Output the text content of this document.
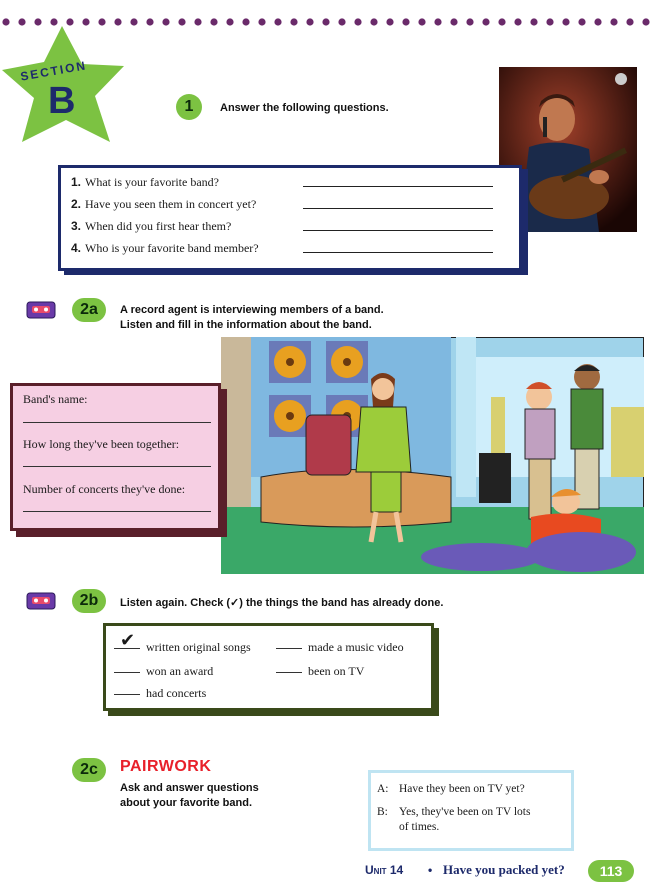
SECTION
B	1	Answer the following questions.
1. What is your favorite band?
2. Have you seen them in concert yet?
3. When did you first hear them?
4. Who is your favorite band member?
2a	A record agent is interviewing members of a band.
Listen and fill in the information about the band.
Band's name:
How long they've been together:
Number of concerts they've done:
2b	Listen again. Check (✓) the things the band has already done.
✔ written original songs	made a music video
won an award	been on TV
had concerts
2c	PAIRWORK
Ask and answer questions
about your favorite band.
A: Have they been on TV yet?
B: Yes, they've been on TV lots
of times.
Unit 14 • Have you packed yet?	113
